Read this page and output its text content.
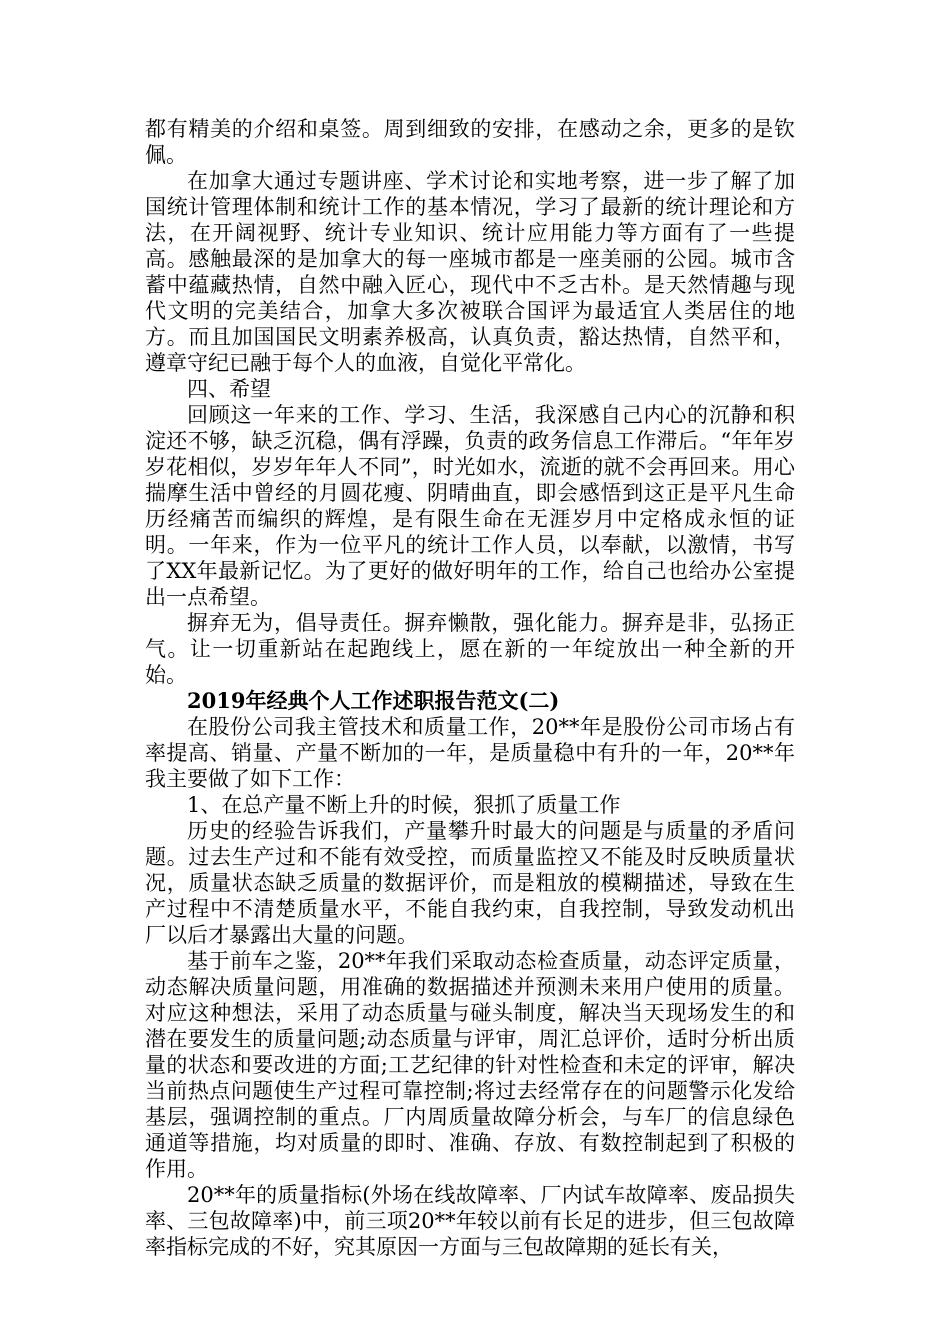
都有精美的介绍和桌签。周到细致的安排，在感动之余，更多的是钦佩。

在加拿大通过专题讲座、学术讨论和实地考察，进一步了解了加国统计管理体制和统计工作的基本情况，学习了最新的统计理论和方法，在开阔视野、统计专业知识、统计应用能力等方面有了一些提高。感触最深的是加拿大的每一座城市都是一座美丽的公园。城市含蓄中蕴藏热情，自然中融入匠心，现代中不乏古朴。是天然情趣与现代文明的完美结合，加拿大多次被联合国评为最适宜人类居住的地方。而且加国国民文明素养极高，认真负责，豁达热情，自然平和，遵章守纪已融于每个人的血液，自觉化平常化。

四、希望

回顾这一年来的工作、学习、生活，我深感自己内心的沉静和积淀还不够，缺乏沉稳，偶有浮躁，负责的政务信息工作滞后。“年年岁岁花相似，岁岁年年人不同”，时光如水，流逝的就不会再回来。用心揣摩生活中曾经的月圆花瘦、阴晴曲直，即会感悟到这正是平凡生命历经痛苦而编织的辉煌，是有限生命在无涯岁月中定格成永恒的证明。一年来，作为一位平凡的统计工作人员，以奉献，以激情，书写了XX年最新记忆。为了更好的做好明年的工作，给自己也给办公室提出一点希望。

摒弃无为，倡导责任。摒弃懒散，强化能力。摒弃是非，弘扬正气。让一切重新站在起跑线上，愿在新的一年绽放出一种全新的开始。

2019年经典个人工作述职报告范文(二)

在股份公司我主管技术和质量工作，20**年是股份公司市场占有率提高、销量、产量不断加的一年，是质量稳中有升的一年，20**年我主要做了如下工作：

1、在总产量不断上升的时候，狠抓了质量工作

历史的经验告诉我们，产量攀升时最大的问题是与质量的矛盾问题。过去生产过和不能有效受控，而质量监控又不能及时反映质量状况，质量状态缺乏质量的数据评价，而是粗放的模糊描述，导致在生产过程中不清楚质量水平，不能自我约束，自我控制，导致发动机出厂以后才暴露出大量的问题。

基于前车之鉴，20**年我们采取动态检查质量，动态评定质量，动态解决质量问题，用准确的数据描述并预测未来用户使用的质量。对应这种想法，采用了动态质量与碰头制度，解决当天现场发生的和潜在要发生的质量问题;动态质量与评审，周汇总评价，适时分析出质量的状态和要改进的方面;工艺纪律的针对性检查和未定的评审，解决当前热点问题使生产过程可靠控制;将过去经常存在的问题警示化发给基层，强调控制的重点。厂内周质量故障分析会，与车厂的信息绿色通道等措施，均对质量的即时、准确、存放、有数控制起到了积极的作用。

20**年的质量指标(外场在线故障率、厂内试车故障率、废品损失率、三包故障率)中，前三项20**年较以前有长足的进步，但三包故障率指标完成的不好，究其原因一方面与三包故障期的延长有关，
